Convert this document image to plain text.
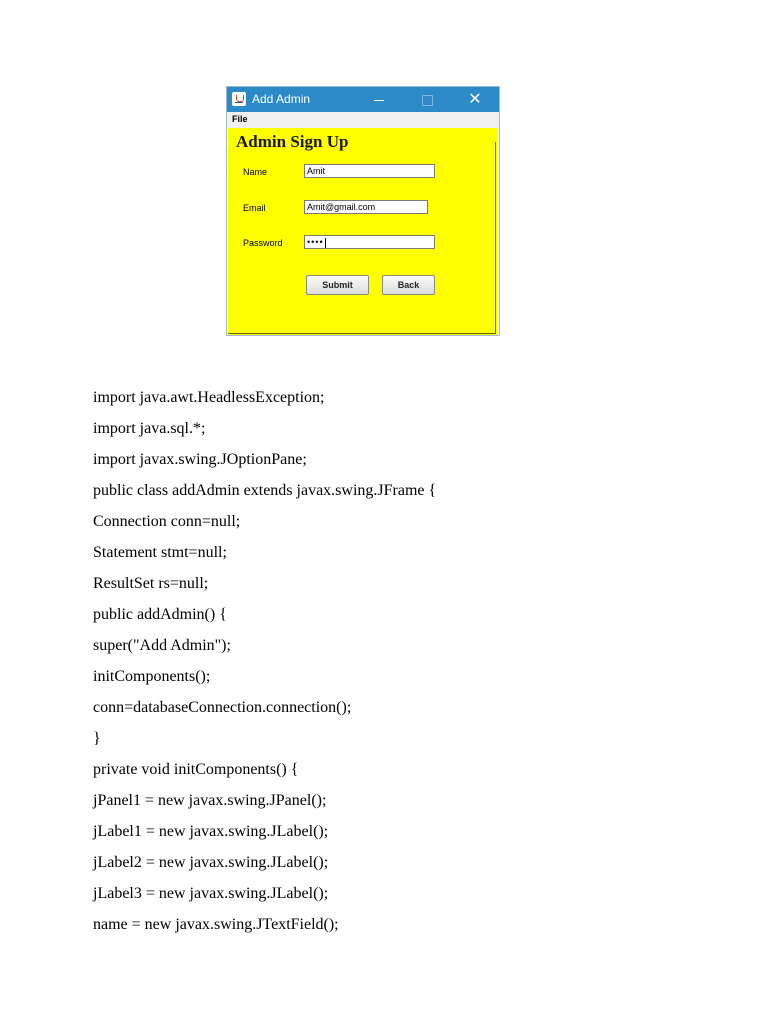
Add Admin	✕
File
Admin Sign Up
Name	Amit
Email	Amit@gmail.com
Password	••••
Submit	Back
import java.awt.HeadlessException;
import java.sql.*;
import javax.swing.JOptionPane;
public class addAdmin extends javax.swing.JFrame {
Connection conn=null;
Statement stmt=null;
ResultSet rs=null;
public addAdmin() {
super("Add Admin");
initComponents();
conn=databaseConnection.connection();
}
private void initComponents() {
jPanel1 = new javax.swing.JPanel();
jLabel1 = new javax.swing.JLabel();
jLabel2 = new javax.swing.JLabel();
jLabel3 = new javax.swing.JLabel();
name = new javax.swing.JTextField();
